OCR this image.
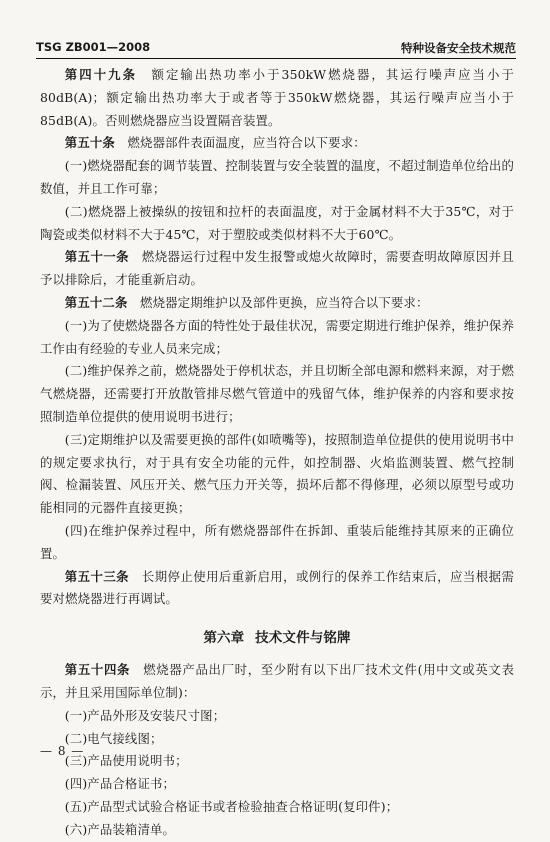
TSG ZB001—2008	特种设备安全技术规范

第四十九条　 额定输出热功率小于350kW燃烧器，其运行噪声应当小于80dB(A)；额定输出热功率大于或者等于350kW燃烧器，其运行噪声应当小于85dB(A)。否则燃烧器应当设置隔音装置。

第五十条　 燃烧器部件表面温度，应当符合以下要求：

(一)燃烧器配套的调节装置、控制装置与安全装置的温度，不超过制造单位给出的数值，并且工作可靠；

(二)燃烧器上被操纵的按钮和拉杆的表面温度，对于金属材料不大于35℃，对于陶瓷或类似材料不大于45℃，对于塑胶或类似材料不大于60℃。

第五十一条　 燃烧器运行过程中发生报警或熄火故障时，需要查明故障原因并且予以排除后，才能重新启动。

第五十二条　 燃烧器定期维护以及部件更换，应当符合以下要求：

(一)为了使燃烧器各方面的特性处于最佳状况，需要定期进行维护保养，维护保养工作由有经验的专业人员来完成；

(二)维护保养之前，燃烧器处于停机状态，并且切断全部电源和燃料来源，对于燃气燃烧器，还需要打开放散管排尽燃气管道中的残留气体，维护保养的内容和要求按照制造单位提供的使用说明书进行；

(三)定期维护以及需要更换的部件(如喷嘴等)，按照制造单位提供的使用说明书中的规定要求执行，对于具有安全功能的元件，如控制器、火焰监测装置、燃气控制阀、检漏装置、风压开关、燃气压力开关等，损坏后都不得修理，必须以原型号或功能相同的元器件直接更换；

(四)在维护保养过程中，所有燃烧器部件在拆卸、重装后能维持其原来的正确位置。

第五十三条　 长期停止使用后重新启用，或例行的保养工作结束后，应当根据需要对燃烧器进行再调试。

第六章 技术文件与铭牌

第五十四条　 燃烧器产品出厂时，至少附有以下出厂技术文件(用中文或英文表示，并且采用国际单位制)：

(一)产品外形及安装尺寸图；

(二)电气接线图；

(三)产品使用说明书；

(四)产品合格证书；

(五)产品型式试验合格证书或者检验抽查合格证明(复印件)；

(六)产品装箱清单。

— 8 —
